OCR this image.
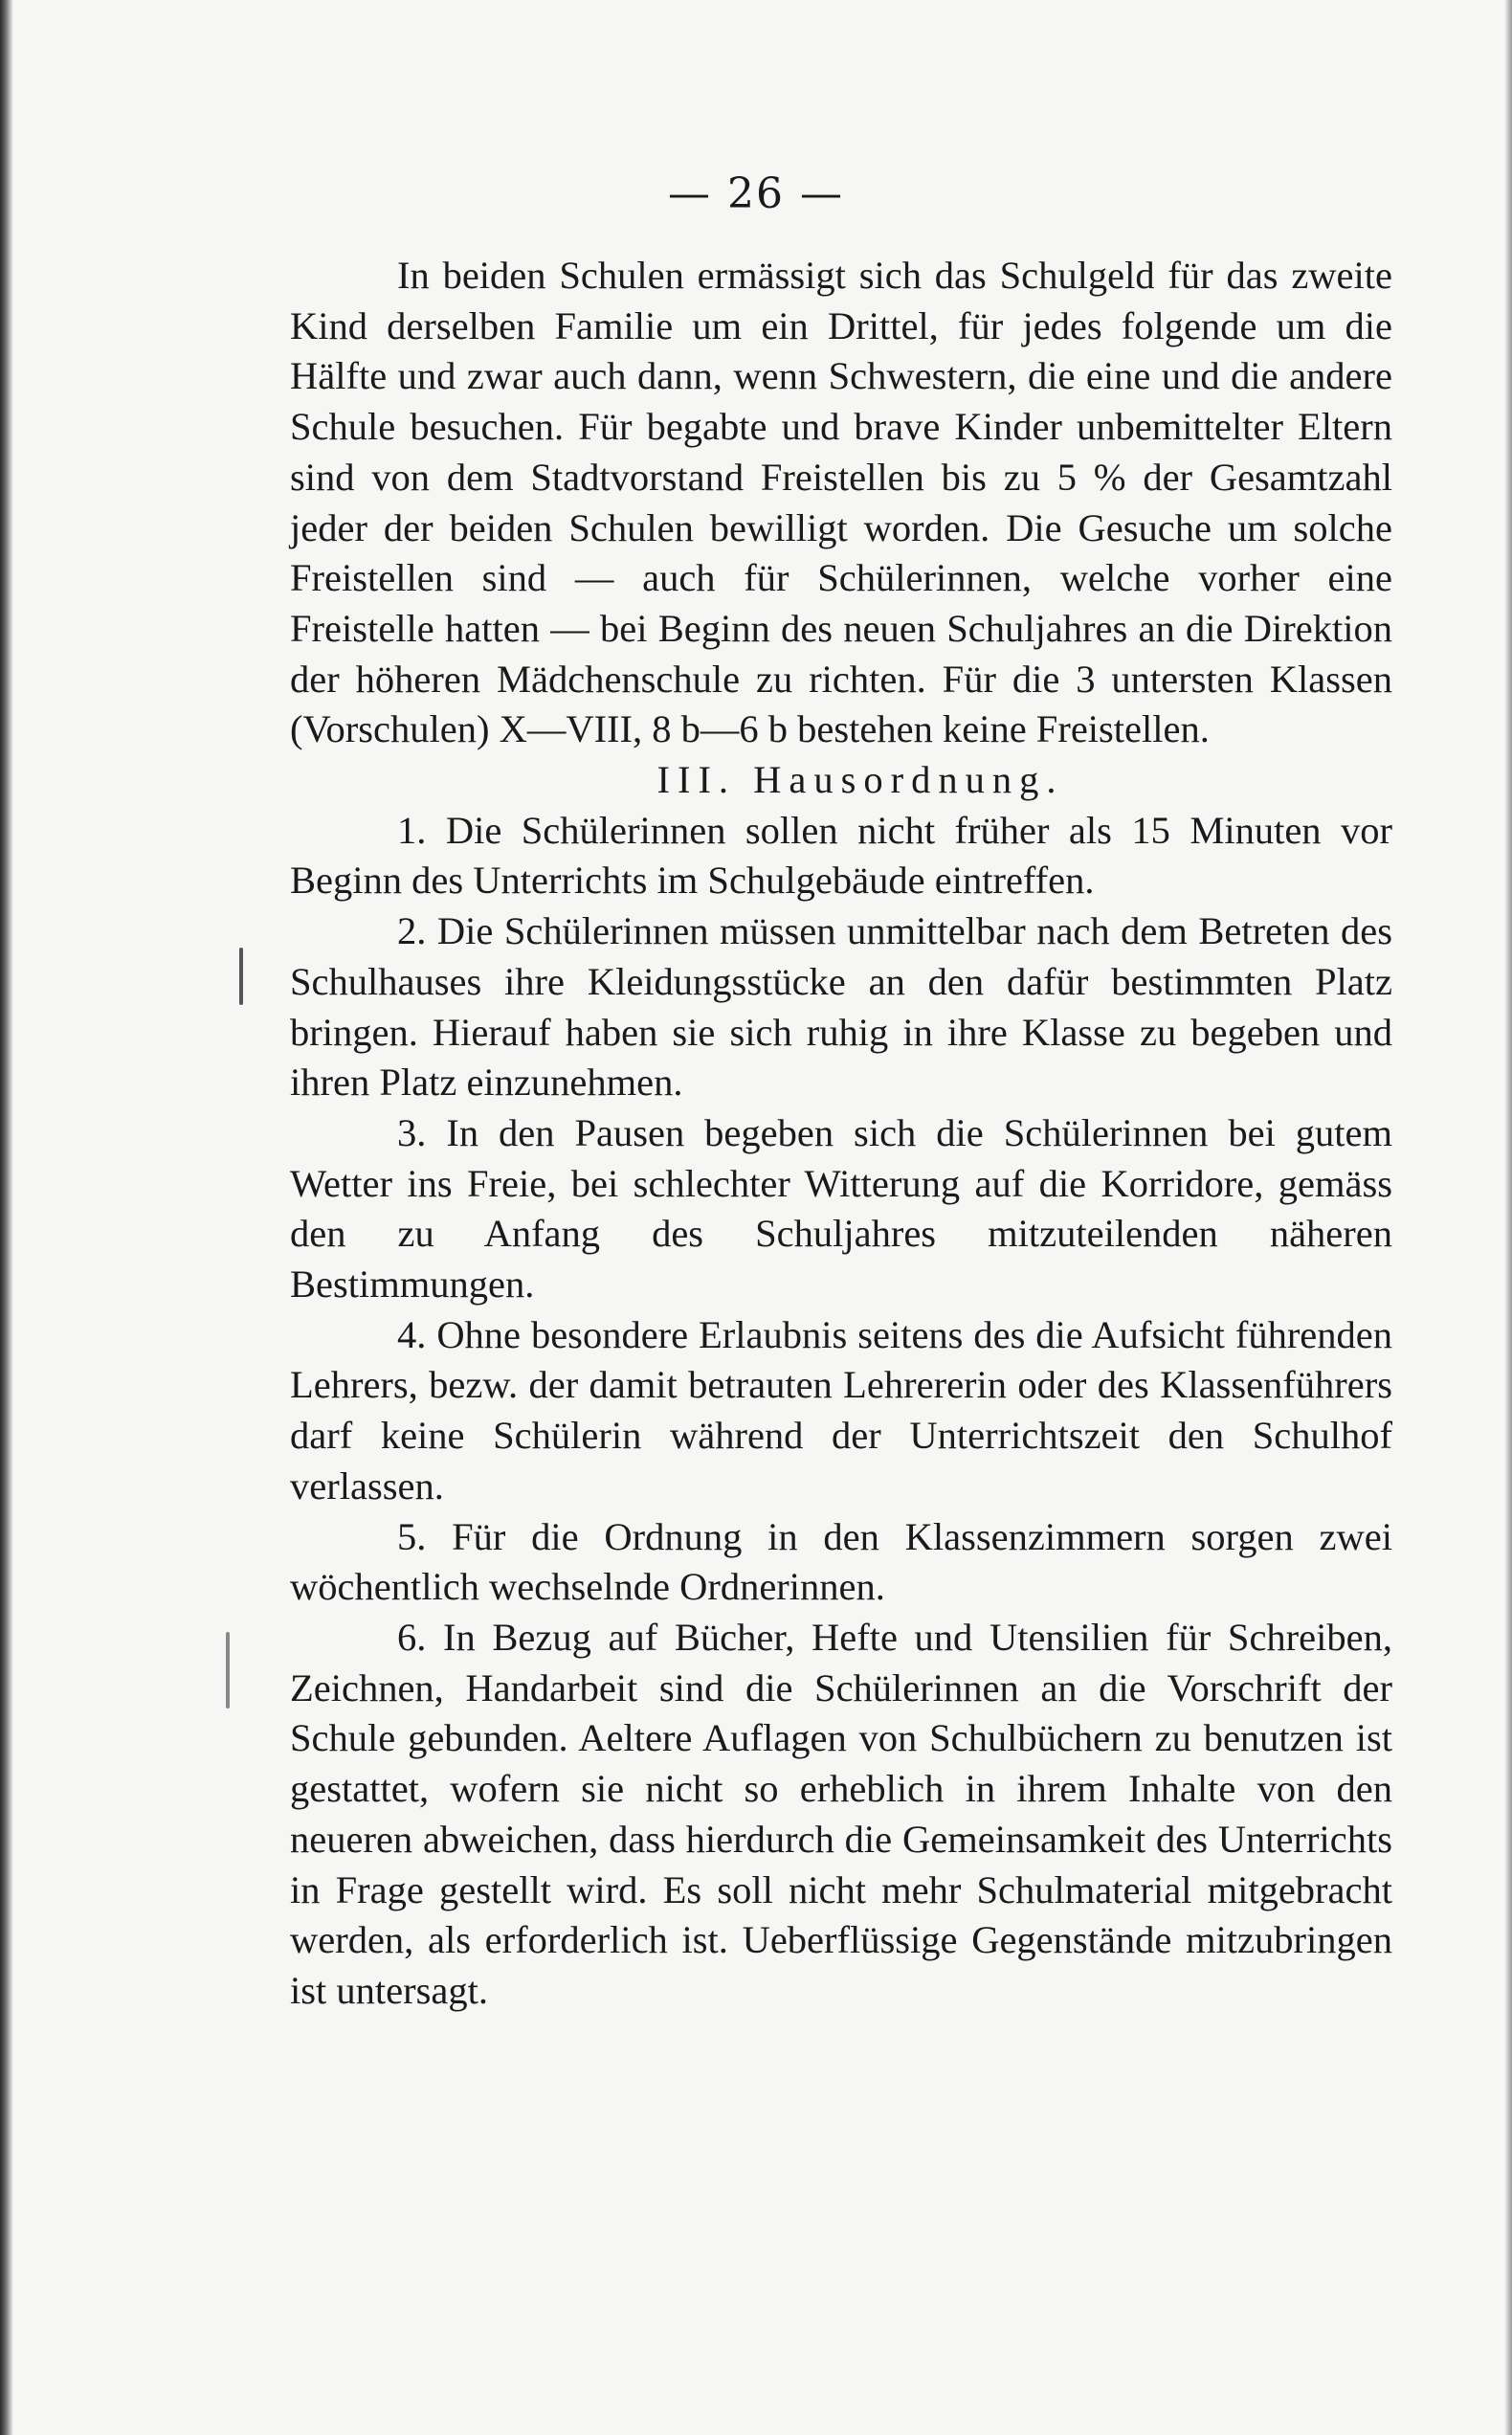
— 26 —

In beiden Schulen ermässigt sich das Schulgeld für das zweite Kind derselben Familie um ein Drittel, für jedes folgende um die Hälfte und zwar auch dann, wenn Schwestern, die eine und die andere Schule besuchen. Für begabte und brave Kinder unbemittelter Eltern sind von dem Stadtvorstand Freistellen bis zu 5 % der Gesamtzahl jeder der beiden Schulen bewilligt worden. Die Gesuche um solche Freistellen sind — auch für Schülerinnen, welche vorher eine Freistelle hatten — bei Beginn des neuen Schuljahres an die Direktion der höheren Mädchenschule zu richten. Für die 3 untersten Klassen (Vorschulen) X—VIII, 8 b—6 b bestehen keine Freistellen.

III. Hausordnung.

1. Die Schülerinnen sollen nicht früher als 15 Minuten vor Beginn des Unterrichts im Schulgebäude eintreffen.

2. Die Schülerinnen müssen unmittelbar nach dem Betreten des Schulhauses ihre Kleidungsstücke an den dafür bestimmten Platz bringen. Hierauf haben sie sich ruhig in ihre Klasse zu begeben und ihren Platz einzunehmen.

3. In den Pausen begeben sich die Schülerinnen bei gutem Wetter ins Freie, bei schlechter Witterung auf die Korridore, gemäss den zu Anfang des Schuljahres mitzuteilenden näheren Bestimmungen.

4. Ohne besondere Erlaubnis seitens des die Aufsicht führenden Lehrers, bezw. der damit betrauten Lehrererin oder des Klassenführers darf keine Schülerin während der Unterrichtszeit den Schulhof verlassen.

5. Für die Ordnung in den Klassenzimmern sorgen zwei wöchentlich wechselnde Ordnerinnen.

6. In Bezug auf Bücher, Hefte und Utensilien für Schreiben, Zeichnen, Handarbeit sind die Schülerinnen an die Vorschrift der Schule gebunden. Aeltere Auflagen von Schulbüchern zu benutzen ist gestattet, wofern sie nicht so erheblich in ihrem Inhalte von den neueren abweichen, dass hierdurch die Gemeinsamkeit des Unterrichts in Frage gestellt wird. Es soll nicht mehr Schulmaterial mitgebracht werden, als erforderlich ist. Ueberflüssige Gegenstände mitzubringen ist untersagt.
